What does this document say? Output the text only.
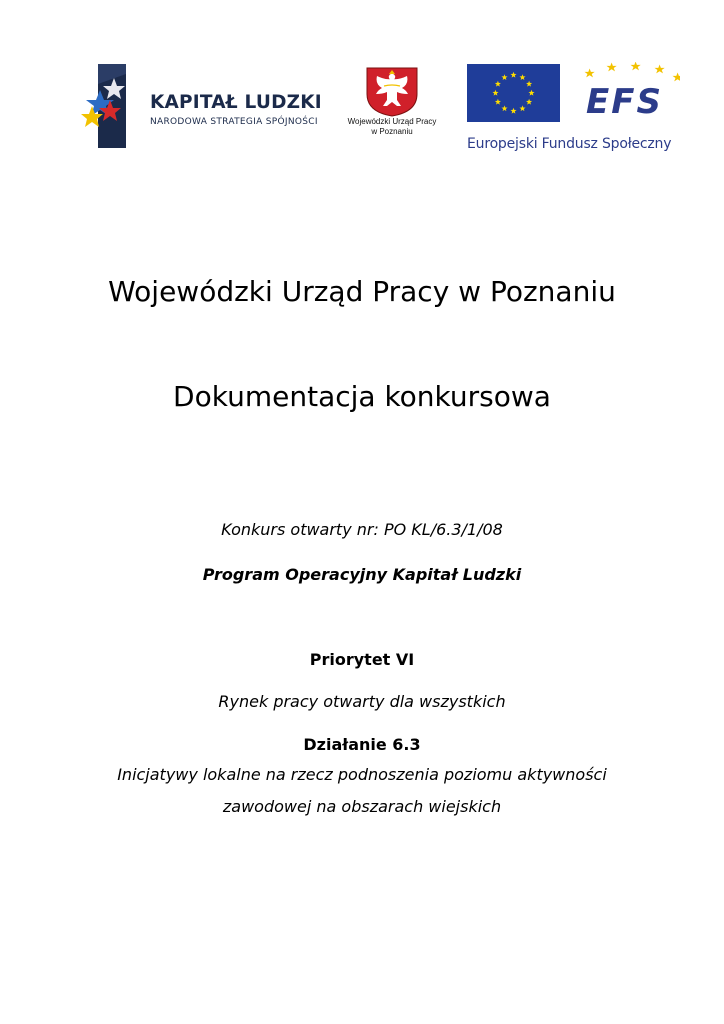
KAPITAŁ LUDZKI
NARODOWA STRATEGIA SPÓJNOŚCI	Wojewódzki Urząd Pracy
w Poznaniu
EFS
Europejski Fundusz Społeczny
Wojewódzki Urząd Pracy w Poznaniu
Dokumentacja konkursowa
Konkurs otwarty nr: PO KL/6.3/1/08
Program Operacyjny Kapitał Ludzki
Priorytet VI
Rynek pracy otwarty dla wszystkich
Działanie 6.3
Inicjatywy lokalne na rzecz podnoszenia poziomu aktywności
zawodowej na obszarach wiejskich
